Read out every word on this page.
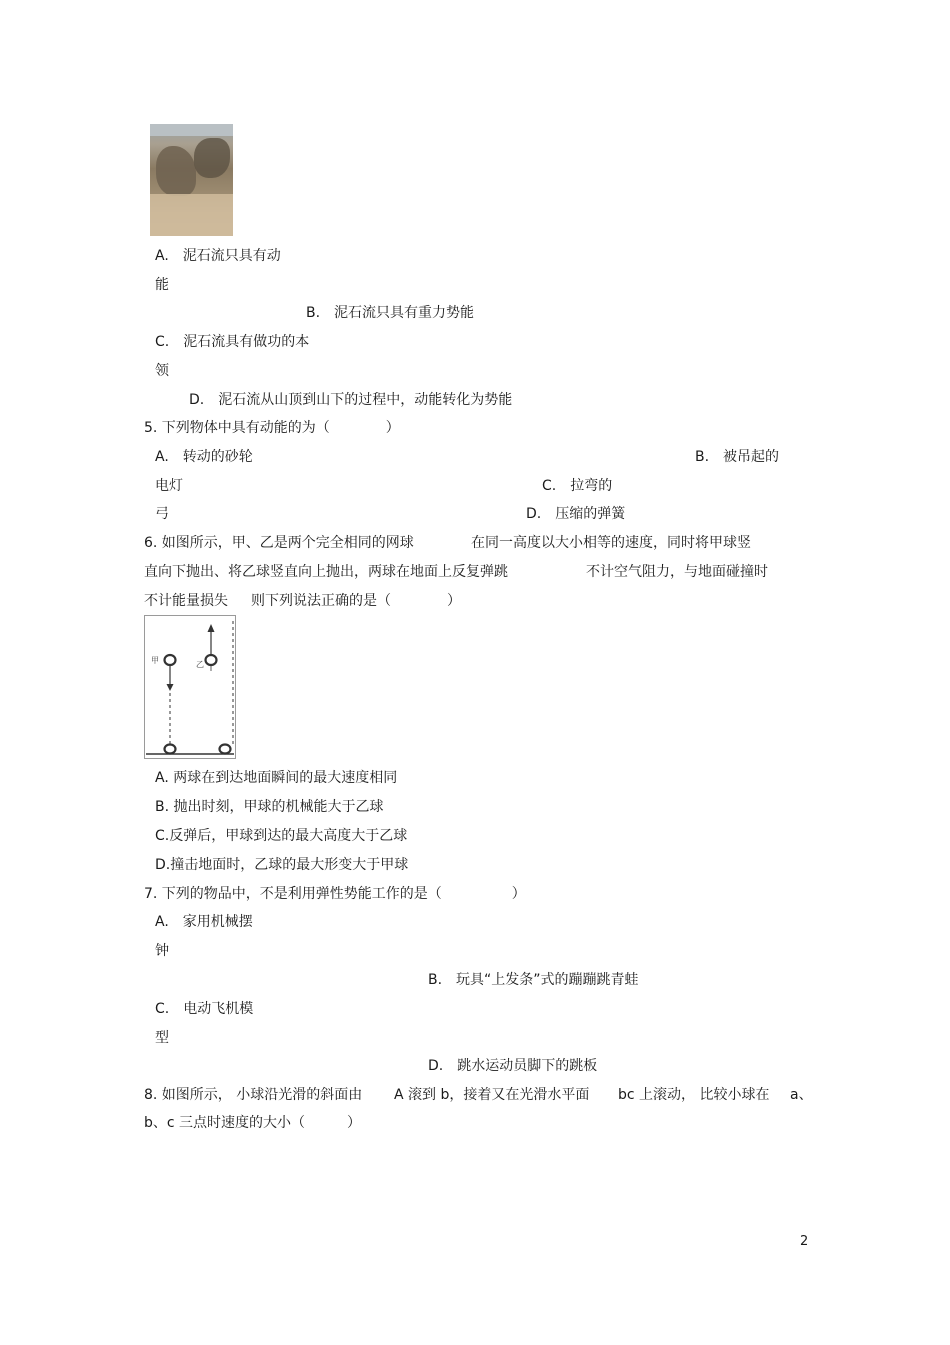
A.　泥石流只具有动
能
B.　泥石流只具有重力势能
C.　泥石流具有做功的本
领
D.　泥石流从山顶到山下的过程中，动能转化为势能
5. 下列物体中具有动能的为（　　　　）
A.　转动的砂轮	B.　被吊起的
电灯	C.　拉弯的
弓	D.　压缩的弹簧
6. 如图所示，甲、乙是两个完全相同的网球	在同一高度以大小相等的速度，同时将甲球竖
直向下抛出、将乙球竖直向上抛出，两球在地面上反复弹跳	不计空气阻力，与地面碰撞时
不计能量损失 则下列说法正确的是（　　　　）
甲	乙
A. 两球在到达地面瞬间的最大速度相同
B. 抛出时刻，甲球的机械能大于乙球
C.反弹后，甲球到达的最大高度大于乙球
D.撞击地面时，乙球的最大形变大于甲球
7. 下列的物品中，不是利用弹性势能工作的是（　　　　　）
A.　家用机械摆
钟
B.　玩具“上发条”式的蹦蹦跳青蛙
C.　电动飞机模
型
D.　跳水运动员脚下的跳板
8. 如图所示， 小球沿光滑的斜面由 A 滚到 b，接着又在光滑水平面 bc 上滚动， 比较小球在 a、
b、c 三点时速度的大小（　　　）
2
